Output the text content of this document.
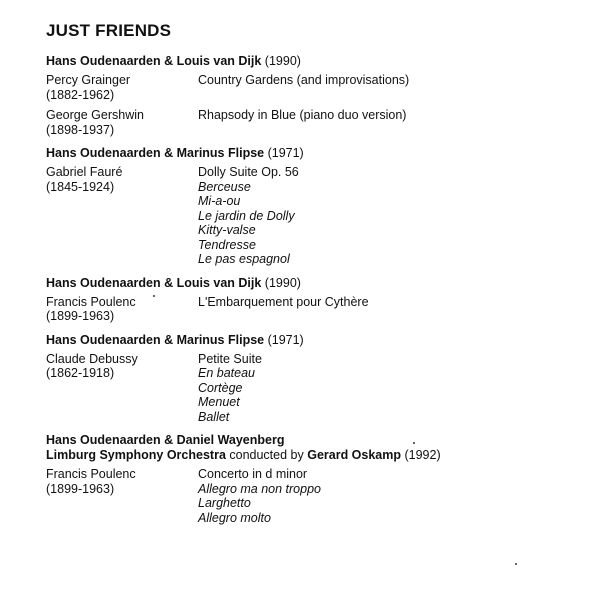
JUST FRIENDS
Hans Oudenaarden & Louis van Dijk (1990)
Percy Grainger
(1882-1962)
Country Gardens (and improvisations)
George Gershwin
(1898-1937)
Rhapsody in Blue (piano duo version)
Hans Oudenaarden & Marinus Flipse (1971)
Gabriel Fauré
(1845-1924)
Dolly Suite Op. 56
Berceuse
Mi-a-ou
Le jardin de Dolly
Kitty-valse
Tendresse
Le pas espagnol
Hans Oudenaarden & Louis van Dijk (1990)
Francis Poulenc
(1899-1963)
L'Embarquement pour Cythère
Hans Oudenaarden & Marinus Flipse (1971)
Claude Debussy
(1862-1918)
Petite Suite
En bateau
Cortège
Menuet
Ballet
Hans Oudenaarden & Daniel Wayenberg
Limburg Symphony Orchestra conducted by Gerard Oskamp (1992)
Francis Poulenc
(1899-1963)
Concerto in d minor
Allegro ma non troppo
Larghetto
Allegro molto
